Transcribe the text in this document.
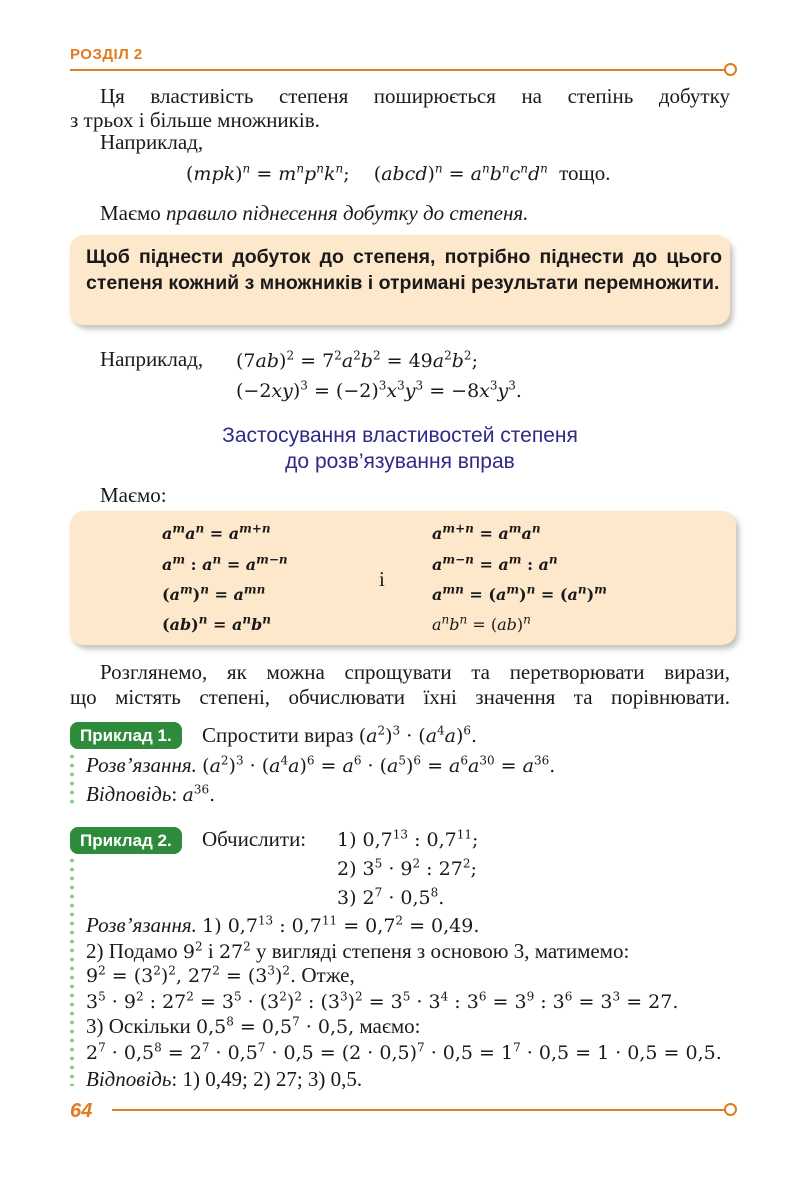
РОЗДІЛ 2
Ця властивість степеня поширюється на степінь добутку
з трьох і більше множників.
Наприклад,
$(mpk)^n = m^np^nk^n$;    (abcd)$^n$ = $a^nb^nc^nd^n$ тощо.
Маємо правило піднесення добутку до степеня.
Щоб піднести добуток до степеня, потрібно піднести до цього степеня кожний з множників і отримані результати перемножити.
Наприклад, $(7ab)^2 = 7^2a^2b^2 = 49a^2b^2$;
$(-2xy)^3 = (-2)^3x^3y^3 = -8x^3y^3$.
Застосування властивостей степеня
до розв’язування вправ
Маємо:
$a^ma^n = a^{m+n}$
$a^m$ : $a^n = a^{m-n}$
$(a^m)^n = a^{mn}$
$(ab)^n = a^nb^n$
і
$a^{m+n} = a^ma^n$
$a^{m-n} = a^m$ : $a^n$
$a^{mn} = (a^m)^n = (a^n)^m$
$a^nb^n = (ab)^n$
Розглянемо, як можна спрощувати та перетворювати вирази,
що містять степені, обчислювати їхні значення та порівнювати.
Приклад 1.	Спростити вираз $(a^2)^3 \cdot (a^4a)^6$.
Розв’язання. $(a^2)^3 \cdot (a^4a)^6 = a^6 \cdot (a^5)^6 = a^6a^{30} = a^{36}$.
Відповідь: $a^{36}$.
Приклад 2.	Обчислити: 1) $0,7^{13}$ : $0,7^{11}$;
2) $3^5 \cdot 9^2$ : $27^2$;
3) $2^7 \cdot 0,5^8$.
Розв’язання. 1) $0,7^{13}$ : $0,7^{11} = 0,7^2 = 0,49$.
2) Подамо $9^2$ і $27^2$ у вигляді степеня з основою 3, матимемо:
$9^2 = (3^2)^2$, $27^2 = (3^3)^2$. Отже,
$3^5 \cdot 9^2$ : $27^2 = 3^5 \cdot (3^2)^2$ : $(3^3)^2 = 3^5 \cdot 3^4$ : $3^6 = 3^9$ : $3^6 = 3^3 = 27$.
3) Оскільки $0,5^8 = 0,5^7 \cdot 0,5$, маємо:
$2^7 \cdot 0,5^8 = 2^7 \cdot 0,5^7 \cdot 0,5 = (2 \cdot 0,5)^7 \cdot 0,5 = 1^7 \cdot 0,5 = 1 \cdot 0,5 = 0,5$.
Відповідь: 1) 0,49; 2) 27; 3) 0,5.
64
